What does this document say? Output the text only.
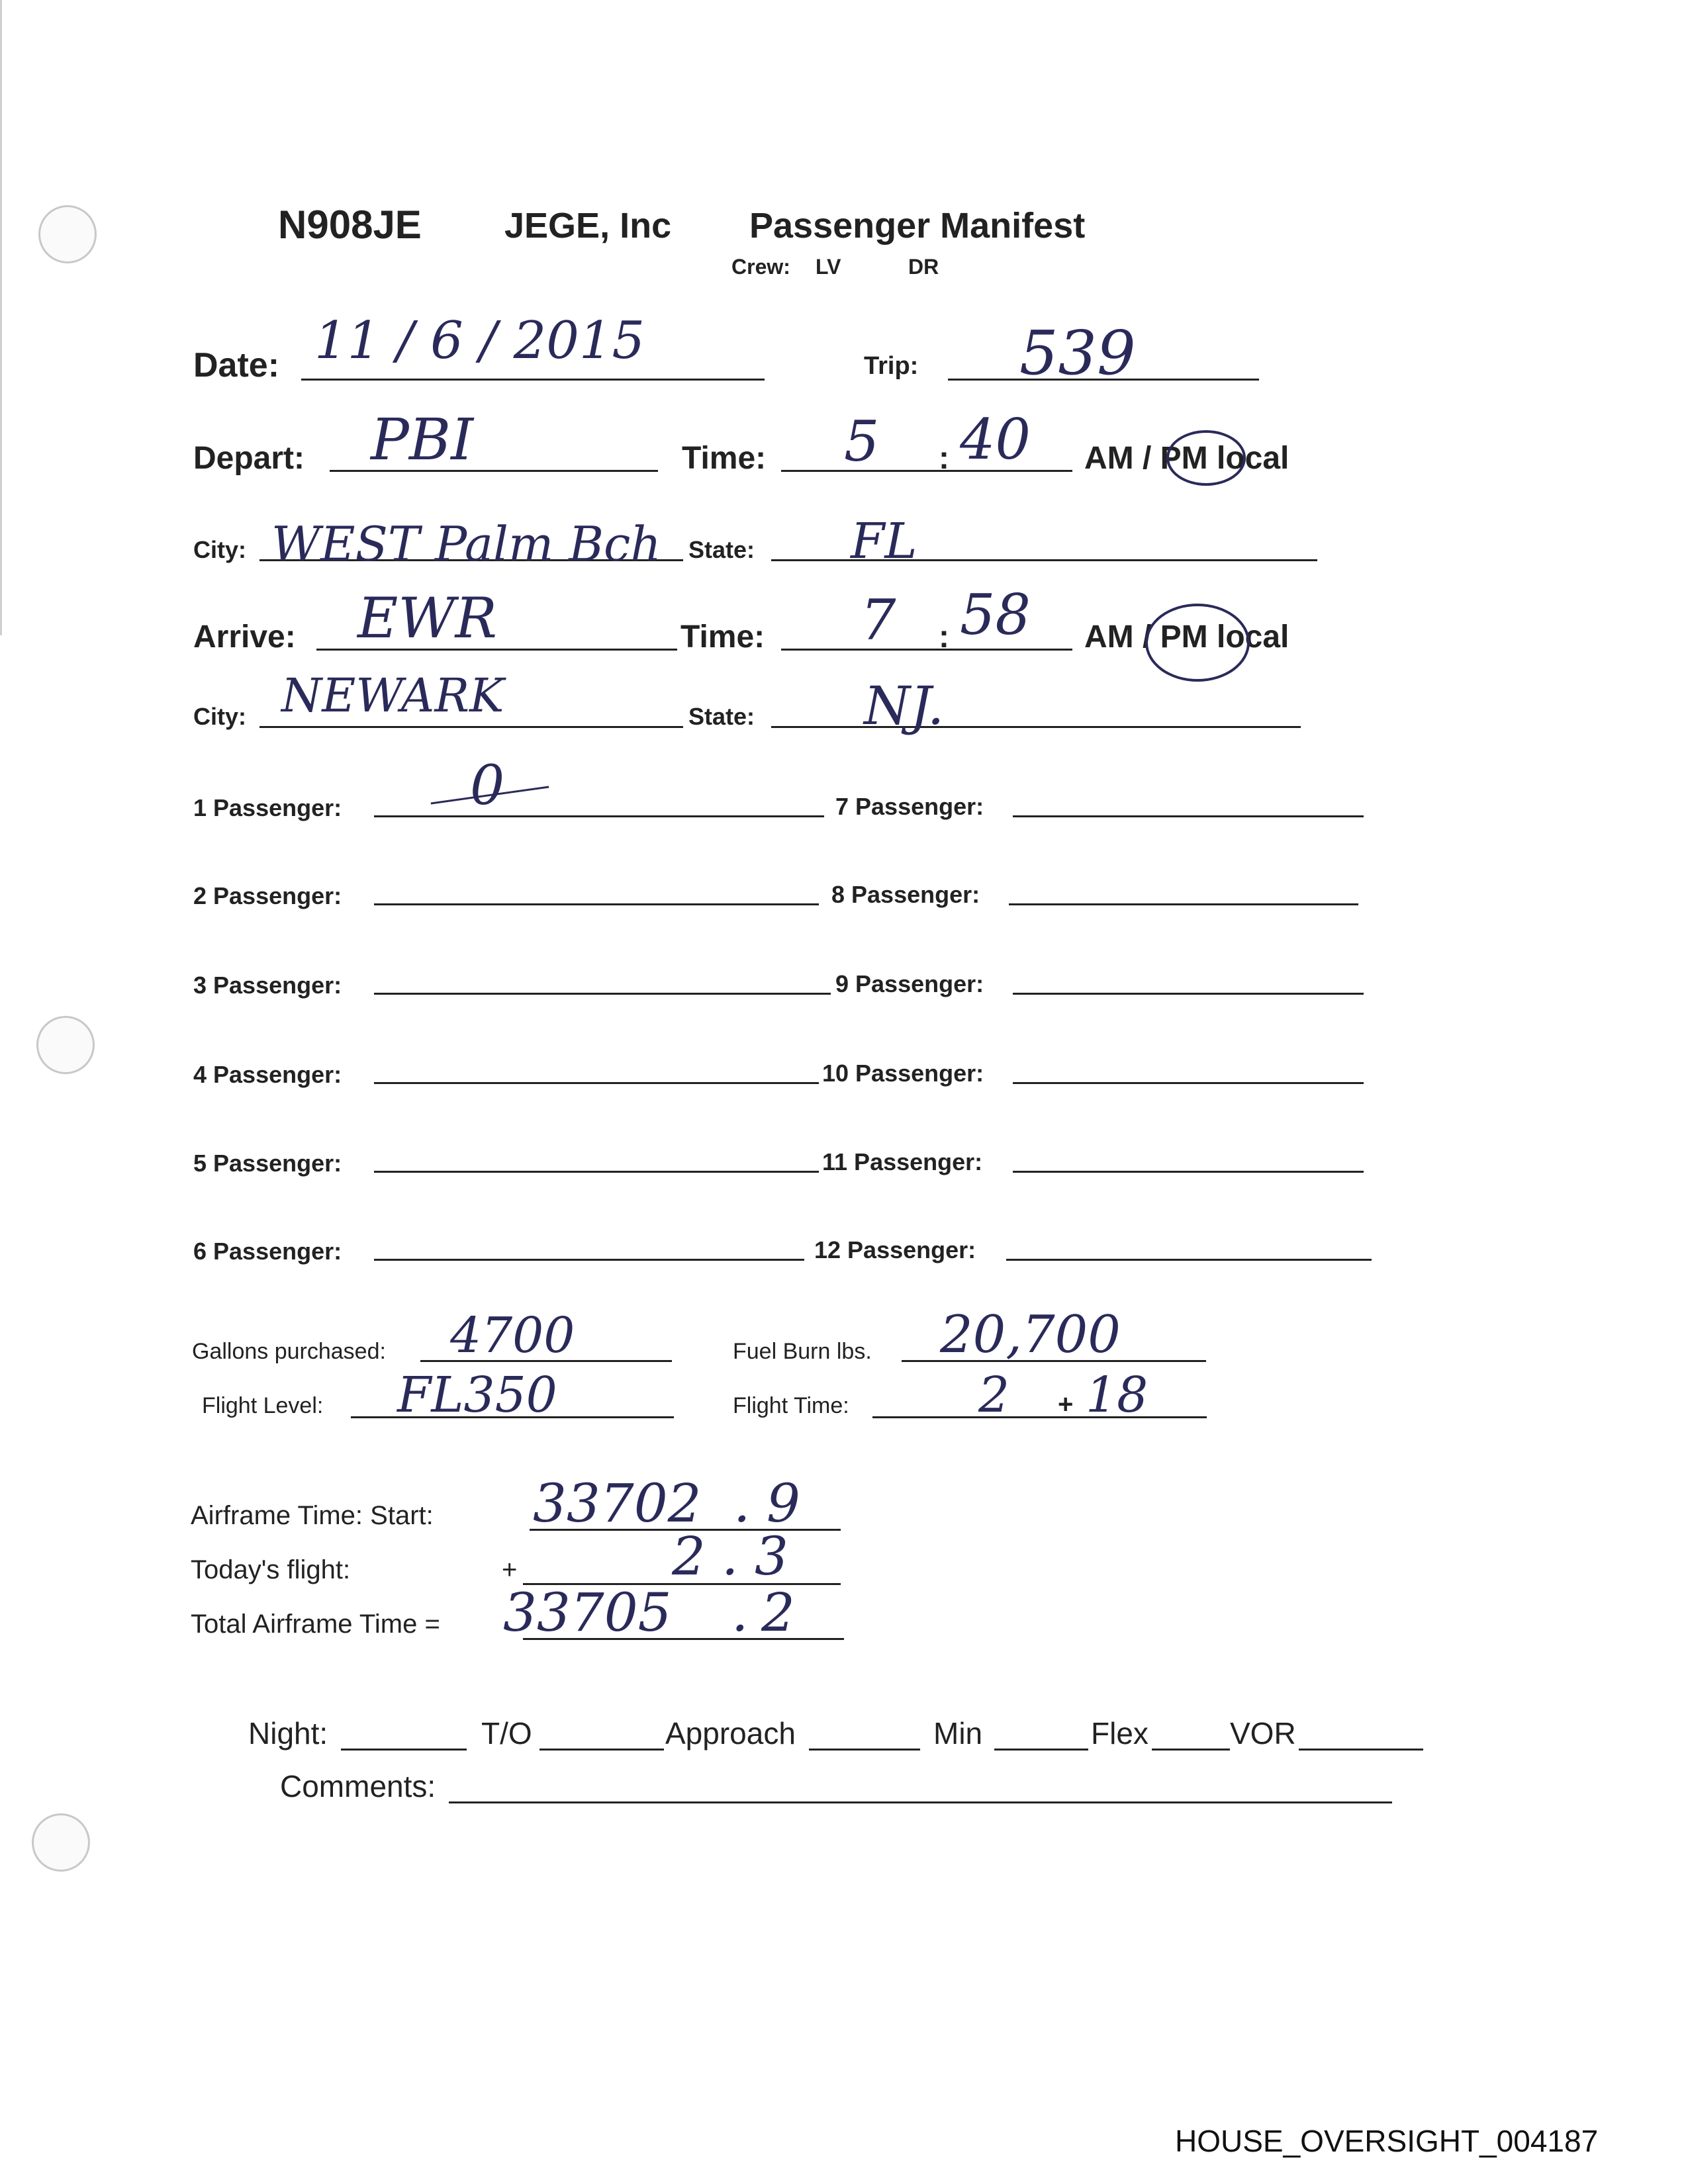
N908JE JEGE, Inc Passenger Manifest
Crew: LV	DR
Date: 11 / 6 / 2015	Trip: 539
Depart: PBI	Time: 5 : 40 AM / PM local
City: WEST Palm Bch State: FL
Arrive: EWR	Time: 7 : 58 AM / PM local
City: NEWARK	State: NJ.
1 Passenger: 0
2 Passenger:
3 Passenger:
4 Passenger:
5 Passenger:
6 Passenger:
7 Passenger:
8 Passenger:
9 Passenger:
10 Passenger:
11 Passenger:
12 Passenger:
Gallons purchased: 4700	Fuel Burn lbs. 20,700
Flight Level: FL350	Flight Time:	2 + 18
Airframe Time: Start: 33702 . 9
Today's flight:	+	2 . 3
Total Airframe Time = 33705 . 2
Night:	T/O	Approach	Min	Flex	VOR
Comments:
HOUSE_OVERSIGHT_004187
